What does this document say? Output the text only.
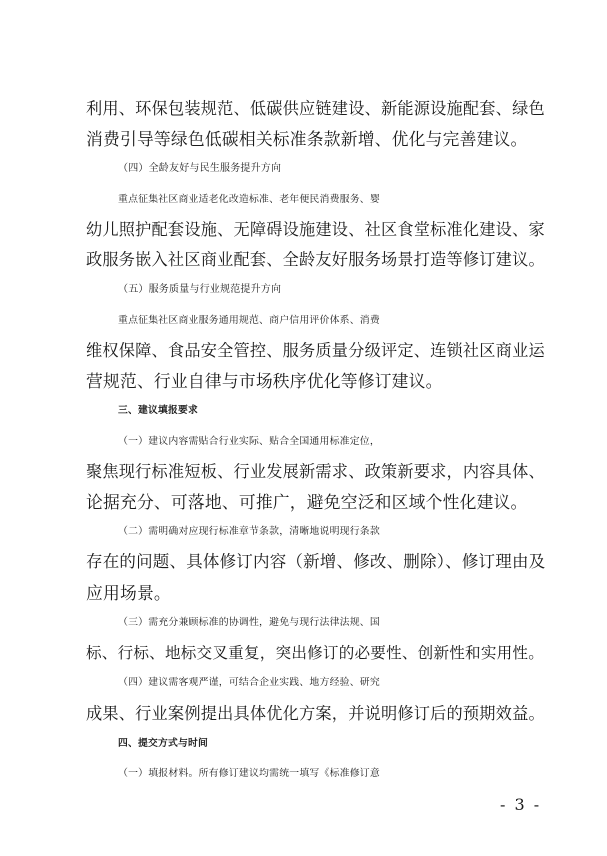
利用、环保包装规范、低碳供应链建设、新能源设施配套、绿色
消费引导等绿色低碳相关标准条款新增、优化与完善建议。
（四）全龄友好与民生服务提升方向
重点征集社区商业适老化改造标准、老年便民消费服务、婴
幼儿照护配套设施、无障碍设施建设、社区食堂标准化建设、家
政服务嵌入社区商业配套、全龄友好服务场景打造等修订建议。
（五）服务质量与行业规范提升方向
重点征集社区商业服务通用规范、商户信用评价体系、消费
维权保障、食品安全管控、服务质量分级评定、连锁社区商业运
营规范、行业自律与市场秩序优化等修订建议。
三、建议填报要求
（一）建议内容需贴合行业实际、贴合全国通用标准定位，
聚焦现行标准短板、行业发展新需求、政策新要求，内容具体、
论据充分、可落地、可推广，避免空泛和区域个性化建议。
（二）需明确对应现行标准章节条款，清晰地说明现行条款
存在的问题、具体修订内容（新增、修改、删除）、修订理由及
应用场景。
（三）需充分兼顾标准的协调性，避免与现行法律法规、国
标、行标、地标交叉重复，突出修订的必要性、创新性和实用性。
（四）建议需客观严谨，可结合企业实践、地方经验、研究
成果、行业案例提出具体优化方案，并说明修订后的预期效益。
四、提交方式与时间
（一）填报材料。所有修订建议均需统一填写《标准修订意
- 3 -
